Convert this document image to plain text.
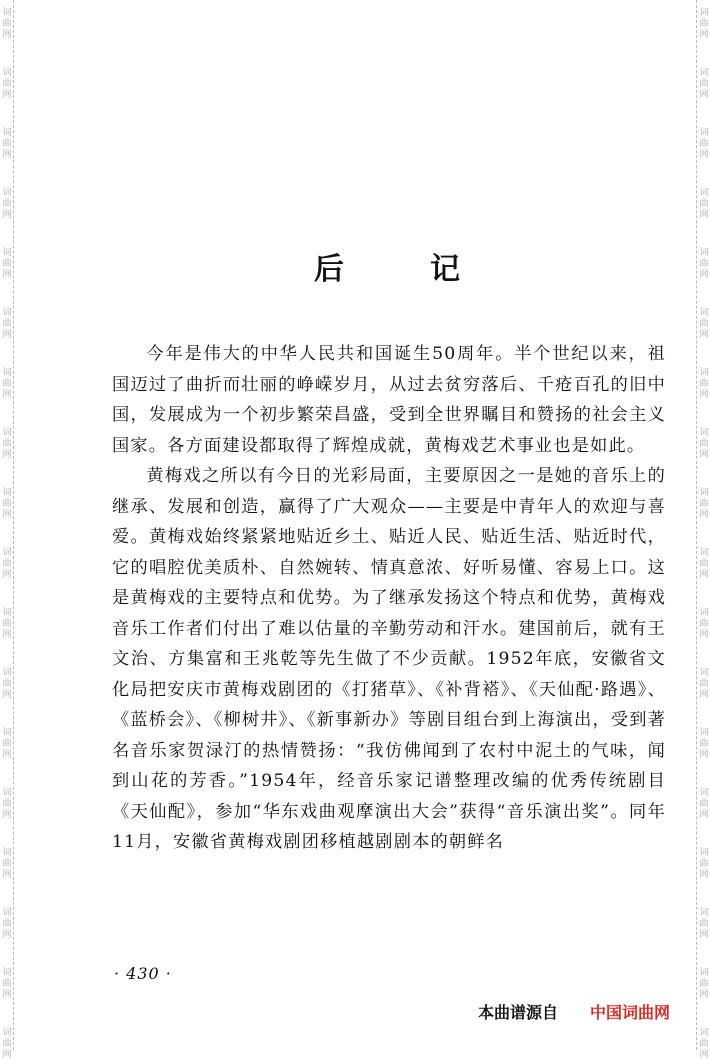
词
曲
网
词
曲
网
词
曲
网
词
曲
网
词
曲
网
词
曲
网
词
曲
网
词
曲
网
词
曲
网
词
曲
网
词
曲
网
词
曲
网
词
曲
网
词
曲
网
词
曲
网
词
曲
网
词
曲
网
词
曲
网
词
曲
网
词
曲
网
词
曲
网
词
曲
网
词
曲
网
词
曲
网
词
曲
网
词
曲
网
词
曲
网
词
曲
网
词
曲
网
词
曲
网
词
曲
网
词
曲
网
词
曲
网
词
曲
网
词
曲
网
词
曲
网
后	记

今年是伟大的中华人民共和国诞生50周年。半个世纪以来，祖国迈过了曲折而壮丽的峥嵘岁月，从过去贫穷落后、千疮百孔的旧中国，发展成为一个初步繁荣昌盛，受到全世界瞩目和赞扬的社会主义国家。各方面建设都取得了辉煌成就，黄梅戏艺术事业也是如此。

黄梅戏之所以有今日的光彩局面，主要原因之一是她的音乐上的继承、发展和创造，赢得了广大观众——主要是中青年人的欢迎与喜爱。黄梅戏始终紧紧地贴近乡土、贴近人民、贴近生活、贴近时代，它的唱腔优美质朴、自然婉转、情真意浓、好听易懂、容易上口。这是黄梅戏的主要特点和优势。为了继承发扬这个特点和优势，黄梅戏音乐工作者们付出了难以估量的辛勤劳动和汗水。建国前后，就有王文治、方集富和王兆乾等先生做了不少贡献。1952年底，安徽省文化局把安庆市黄梅戏剧团的《打猪草》、《补背褡》、《天仙配·路遇》、《蓝桥会》、《柳树井》、《新事新办》等剧目组台到上海演出，受到著名音乐家贺渌汀的热情赞扬：“我仿佛闻到了农村中泥土的气味，闻到山花的芳香。”1954年，经音乐家记谱整理改编的优秀传统剧目《天仙配》，参加“华东戏曲观摩演出大会”获得“音乐演出奖”。同年11月，安徽省黄梅戏剧团移植越剧剧本的朝鲜名

· 430 ·
本曲谱源自 中国词曲网
